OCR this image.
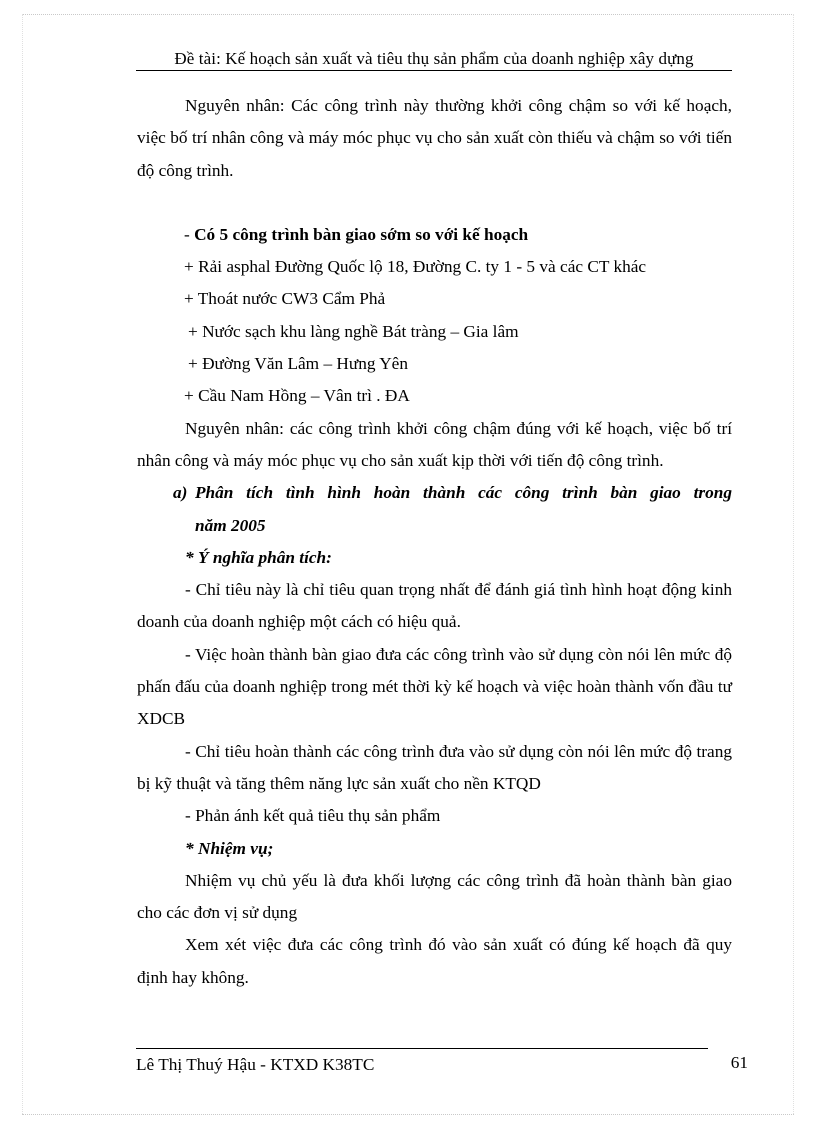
Đề tài: Kế hoạch sản xuất và tiêu thụ sản phẩm của doanh nghiệp xây dựng

Nguyên nhân: Các công trình này thường khởi công chậm so với kế hoạch, việc bố trí nhân công và máy móc phục vụ cho sản xuất còn thiếu và chậm so với tiến độ công trình.

- Có 5 công trình bàn giao sớm so với kế hoạch

+ Rải asphal Đường Quốc lộ 18, Đường C. ty 1 - 5 và các CT khác

+ Thoát nước CW3 Cẩm Phả

+ Nước sạch khu làng nghề Bát tràng – Gia lâm

+ Đường Văn Lâm – Hưng Yên

+ Cầu Nam Hồng – Vân trì . ĐA

Nguyên nhân: các công trình khởi công chậm đúng với kế hoạch, việc bố trí nhân công và máy móc phục vụ cho sản xuất kịp thời với tiến độ công trình.

a) Phân tích tình hình hoàn thành các công trình bàn giao trong
năm 2005

* Ý nghĩa phân tích:

- Chỉ tiêu này là chỉ tiêu quan trọng nhất để đánh giá tình hình hoạt động kinh doanh của doanh nghiệp một cách có hiệu quả.

- Việc hoàn thành bàn giao đưa các công trình vào sử dụng còn nói lên mức độ phấn đấu của doanh nghiệp trong mét thời kỳ kế hoạch và việc hoàn thành vốn đầu tư XDCB

- Chỉ tiêu hoàn thành các công trình đưa vào sử dụng còn nói lên mức độ trang bị kỹ thuật và tăng thêm năng lực sản xuất cho nền KTQD

- Phản ánh kết quả tiêu thụ sản phẩm

* Nhiệm vụ;

Nhiệm vụ chủ yếu là đưa khối lượng các công trình đã hoàn thành bàn giao cho các đơn vị sử dụng

Xem xét việc đưa các công trình đó vào sản xuất có đúng kế hoạch đã quy định hay không.

Lê Thị Thuý Hậu - KTXD K38TC	61
